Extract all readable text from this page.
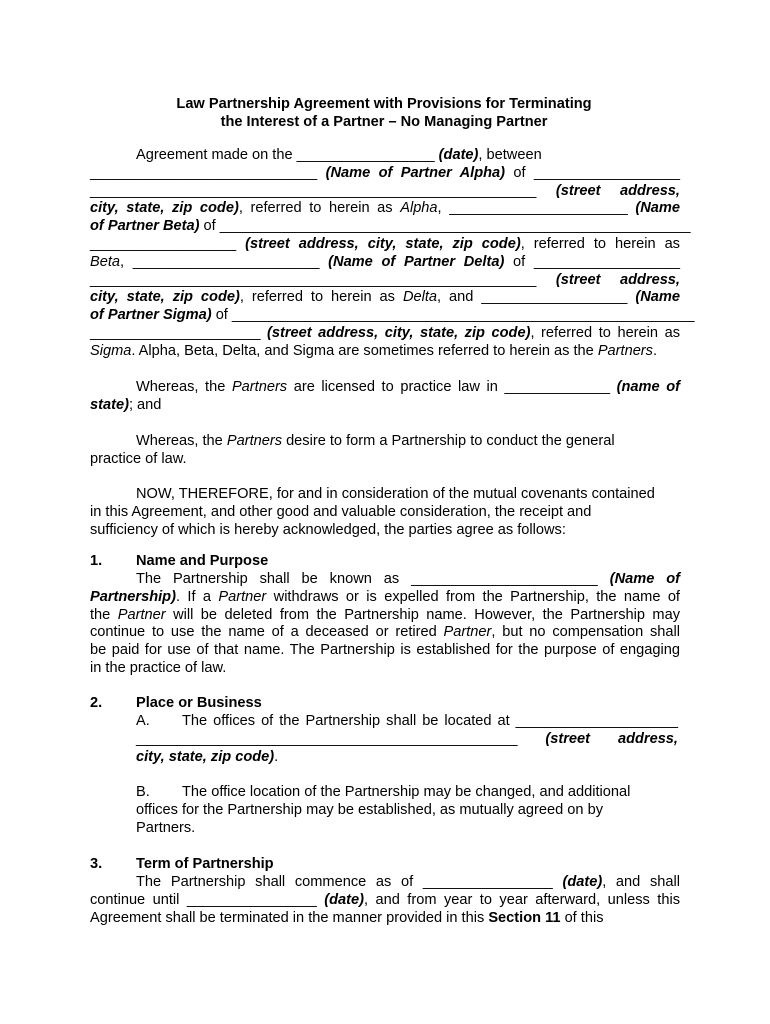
Law Partnership Agreement with Provisions for Terminating
the Interest of a Partner – No Managing Partner
Agreement made on the _________________ (date), between
____________________________ (Name of Partner Alpha) of __________________
_______________________________________________________ (street address,
city, state, zip code), referred to herein as Alpha, ______________________ (Name
of Partner Beta) of __________________________________________________________
__________________ (street address, city, state, zip code), referred to herein as
Beta, _______________________ (Name of Partner Delta) of __________________
_______________________________________________________ (street address,
city, state, zip code), referred to herein as Delta, and __________________ (Name
of Partner Sigma) of _________________________________________________________
_____________________ (street address, city, state, zip code), referred to herein as
Sigma. Alpha, Beta, Delta, and Sigma are sometimes referred to herein as the Partners.
Whereas, the Partners are licensed to practice law in _____________ (name of
state); and
Whereas, the Partners desire to form a Partnership to conduct the general
practice of law.
NOW, THEREFORE, for and in consideration of the mutual covenants contained
in this Agreement, and other good and valuable consideration, the receipt and
sufficiency of which is hereby acknowledged, the parties agree as follows:
1. Name and Purpose
The Partnership shall be known as _______________________ (Name of
Partnership). If a Partner withdraws or is expelled from the Partnership, the name of
the Partner will be deleted from the Partnership name. However, the Partnership may
continue to use the name of a deceased or retired Partner, but no compensation shall
be paid for use of that name. The Partnership is established for the purpose of engaging
in the practice of law.
2. Place or Business
A. The offices of the Partnership shall be located at ____________________
_______________________________________________ (street address,
city, state, zip code).
B. The office location of the Partnership may be changed, and additional
offices for the Partnership may be established, as mutually agreed on by
Partners.
3. Term of Partnership
The Partnership shall commence as of ________________ (date), and shall
continue until ________________ (date), and from year to year afterward, unless this
Agreement shall be terminated in the manner provided in this Section 11 of this
